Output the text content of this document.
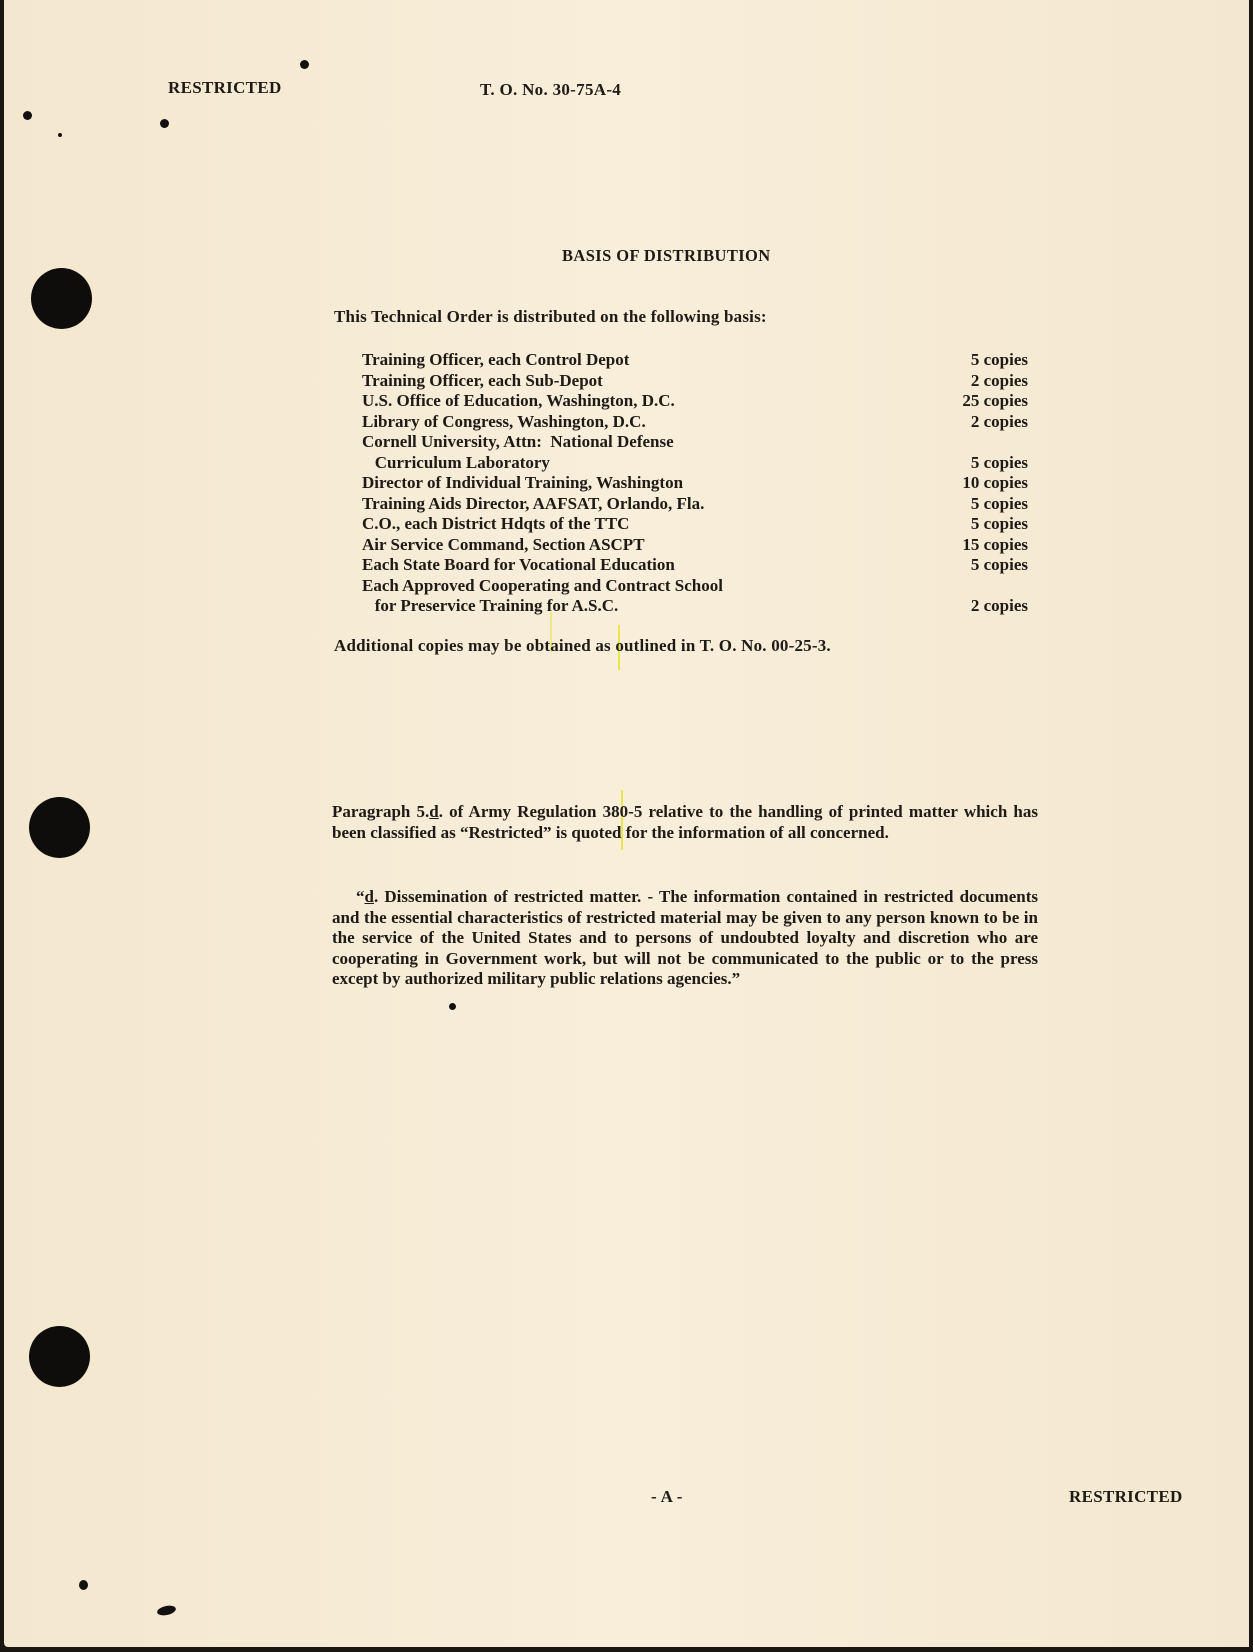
RESTRICTED	T. O. No. 30-75A-4
BASIS OF DISTRIBUTION
This Technical Order is distributed on the following basis:
Training Officer, each Control Depot	5 copies
Training Officer, each Sub-Depot	2 copies
U.S. Office of Education, Washington, D.C.	25 copies
Library of Congress, Washington, D.C.	2 copies
Cornell University, Attn:  National Defense
Curriculum Laboratory	5 copies
Director of Individual Training, Washington	10 copies
Training Aids Director, AAFSAT, Orlando, Fla.	5 copies
C.O., each District Hdqts of the TTC	5 copies
Air Service Command, Section ASCPT	15 copies
Each State Board for Vocational Education	5 copies
Each Approved Cooperating and Contract School
for Preservice Training for A.S.C.	2 copies
Additional copies may be obtained as outlined in T. O. No. 00-25-3.

Paragraph 5.d. of Army Regulation 380-5 relative to the handling of printed matter which has been classified as “Restricted” is quoted for the information of all concerned.

“d. Dissemination of restricted matter. - The information contained in restricted documents and the essential characteristics of restricted material may be given to any person known to be in the service of the United States and to persons of undoubted loyalty and discretion who are cooperating in Government work, but will not be communicated to the public or to the press except by authorized military public relations agencies.”

- A -	RESTRICTED
